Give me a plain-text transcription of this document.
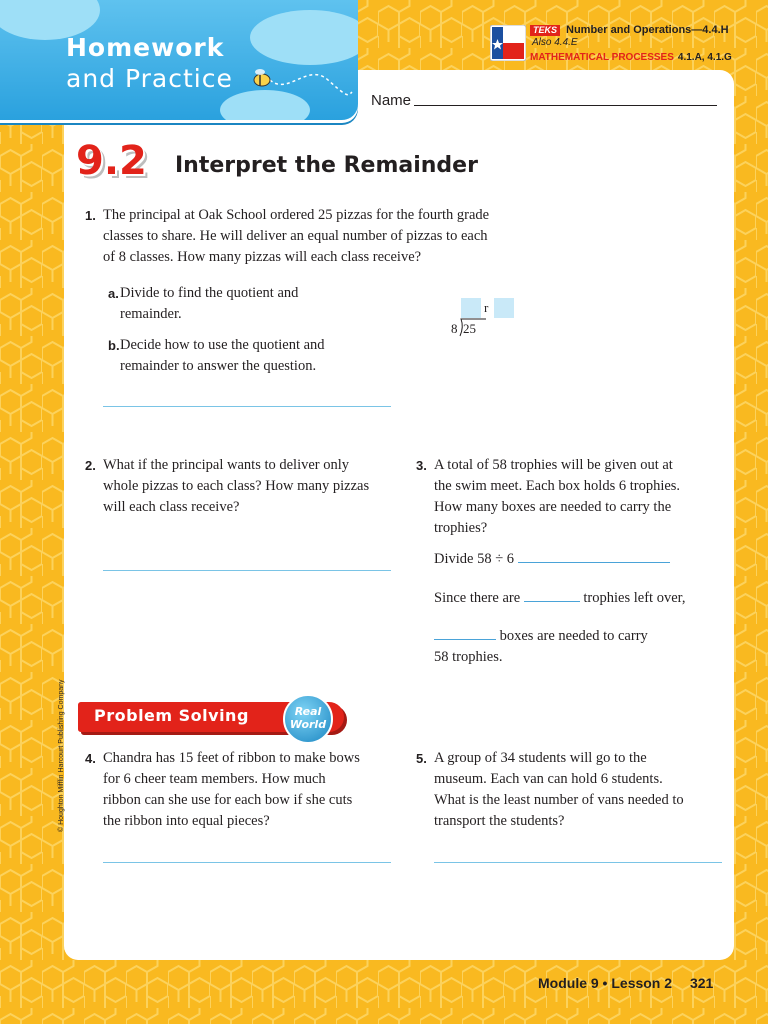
Homework
and Practice
TEKS Number and Operations—4.4.H
Also 4.4.E
MATHEMATICAL PROCESSES 4.1.A, 4.1.G
Name
9.2 Interpret the Remainder
1. The principal at Oak School ordered 25 pizzas for the fourth grade
classes to share. He will deliver an equal number of pizzas to each
of 8 classes. How many pizzas will each class receive?
a. Divide to find the quotient and
remainder.
b. Decide how to use the quotient and
remainder to answer the question.
r
8 25
2. What if the principal wants to deliver only
whole pizzas to each class? How many pizzas
will each class receive?
3. A total of 58 trophies will be given out at
the swim meet. Each box holds 6 trophies.
How many boxes are needed to carry the
trophies?
Divide 58 ÷ 6
Since there are	trophies left over,
boxes are needed to carry
58 trophies.
Problem Solving	Real
World
4. Chandra has 15 feet of ribbon to make bows
for 6 cheer team members. How much
ribbon can she use for each bow if she cuts
the ribbon into equal pieces?
5. A group of 34 students will go to the
museum. Each van can hold 6 students.
What is the least number of vans needed to
transport the students?
© Houghton Mifflin Harcourt Publishing Company
Module 9 • Lesson 2 321
